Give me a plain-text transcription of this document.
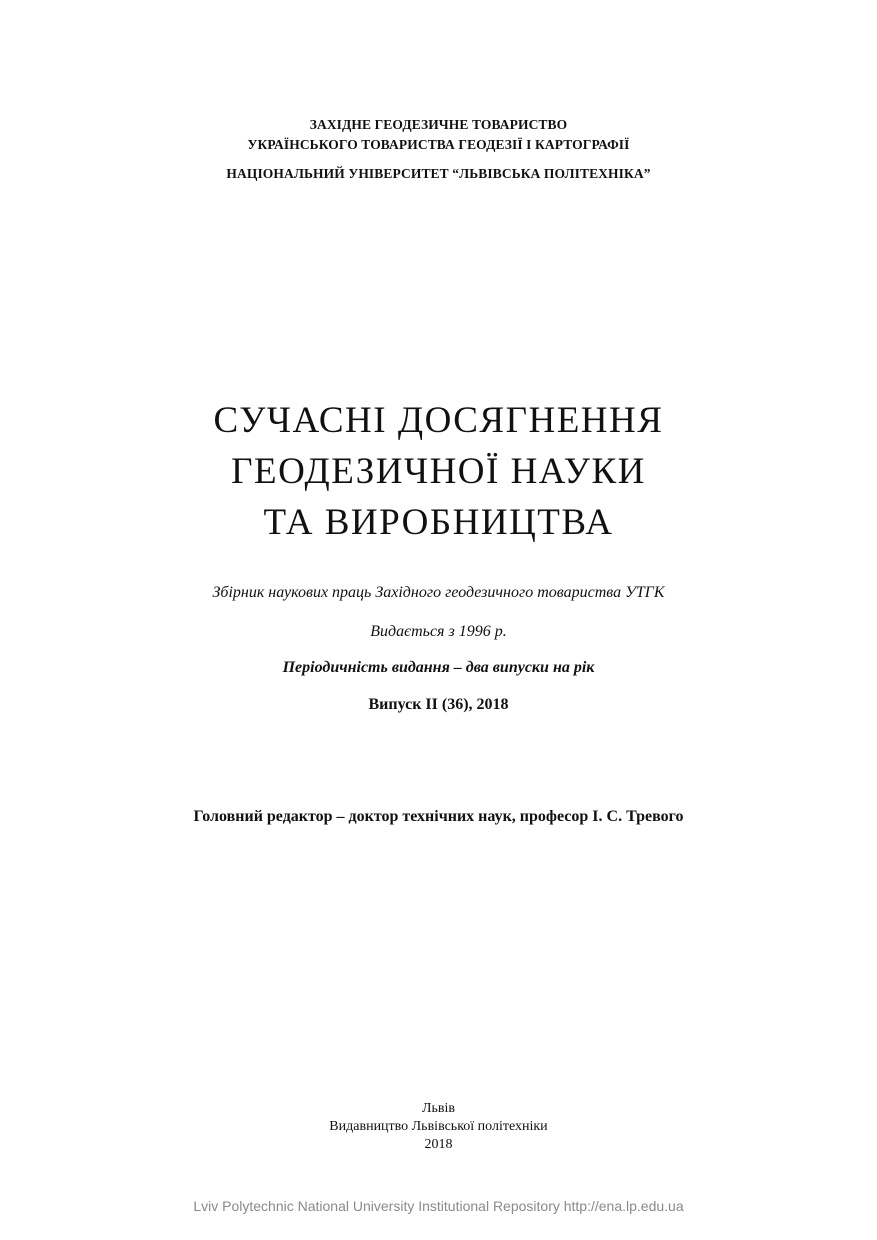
ЗАХІДНЕ ГЕОДЕЗИЧНЕ ТОВАРИСТВО

УКРАЇНСЬКОГО ТОВАРИСТВА ГЕОДЕЗІЇ І КАРТОГРАФІЇ

НАЦІОНАЛЬНИЙ УНІВЕРСИТЕТ “ЛЬВІВСЬКА ПОЛІТЕХНІКА”

СУЧАСНІ ДОСЯГНЕННЯ
ГЕОДЕЗИЧНОЇ НАУКИ
ТА ВИРОБНИЦТВА

Збірник наукових праць Західного геодезичного товариства УТГК

Видається з 1996 р.

Періодичність видання – два випуски на рік

Випуск ІІ (36), 2018

Головний редактор – доктор технічних наук, професор І. С. Тревого

Львів

Видавництво Львівської політехніки

2018

Lviv Polytechnic National University Institutional Repository http://ena.lp.edu.ua
